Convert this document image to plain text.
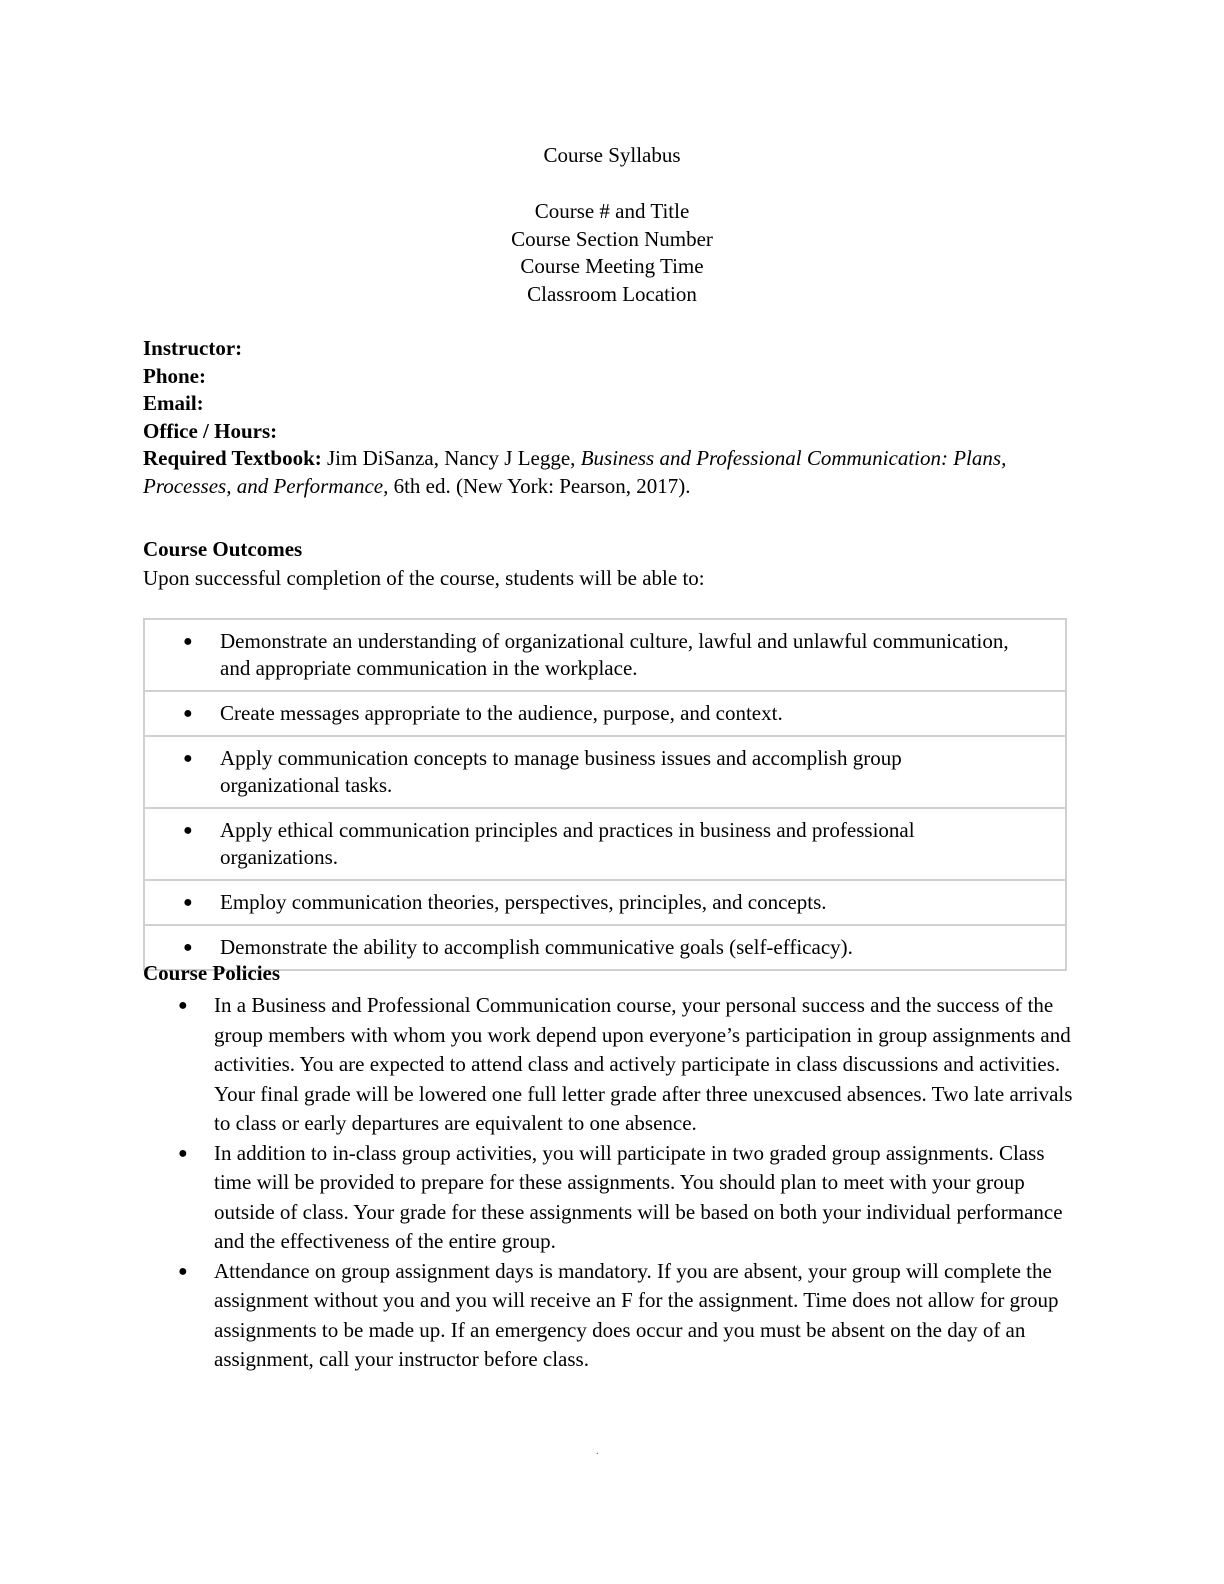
Course Syllabus
Course # and Title
Course Section Number
Course Meeting Time
Classroom Location
Instructor:
Phone:
Email:
Office / Hours:
Required Textbook: Jim DiSanza, Nancy J Legge, Business and Professional Communication: Plans, Processes, and Performance, 6th ed. (New York: Pearson, 2017).
Course Outcomes
Upon successful completion of the course, students will be able to:
● Demonstrate an understanding of organizational culture, lawful and unlawful communication, and appropriate communication in the workplace.
● Create messages appropriate to the audience, purpose, and context.
● Apply communication concepts to manage business issues and accomplish group organizational tasks.
● Apply ethical communication principles and practices in business and professional organizations.
● Employ communication theories, perspectives, principles, and concepts.
● Demonstrate the ability to accomplish communicative goals (self-efficacy).
Course Policies
● In a Business and Professional Communication course, your personal success and the success of the group members with whom you work depend upon everyone’s participation in group assignments and activities. You are expected to attend class and actively participate in class discussions and activities. Your final grade will be lowered one full letter grade after three unexcused absences. Two late arrivals to class or early departures are equivalent to one absence.
● In addition to in-class group activities, you will participate in two graded group assignments. Class time will be provided to prepare for these assignments. You should plan to meet with your group outside of class. Your grade for these assignments will be based on both your individual performance and the effectiveness of the entire group.
● Attendance on group assignment days is mandatory. If you are absent, your group will complete the assignment without you and you will receive an F for the assignment. Time does not allow for group assignments to be made up. If an emergency does occur and you must be absent on the day of an assignment, call your instructor before class.
.
